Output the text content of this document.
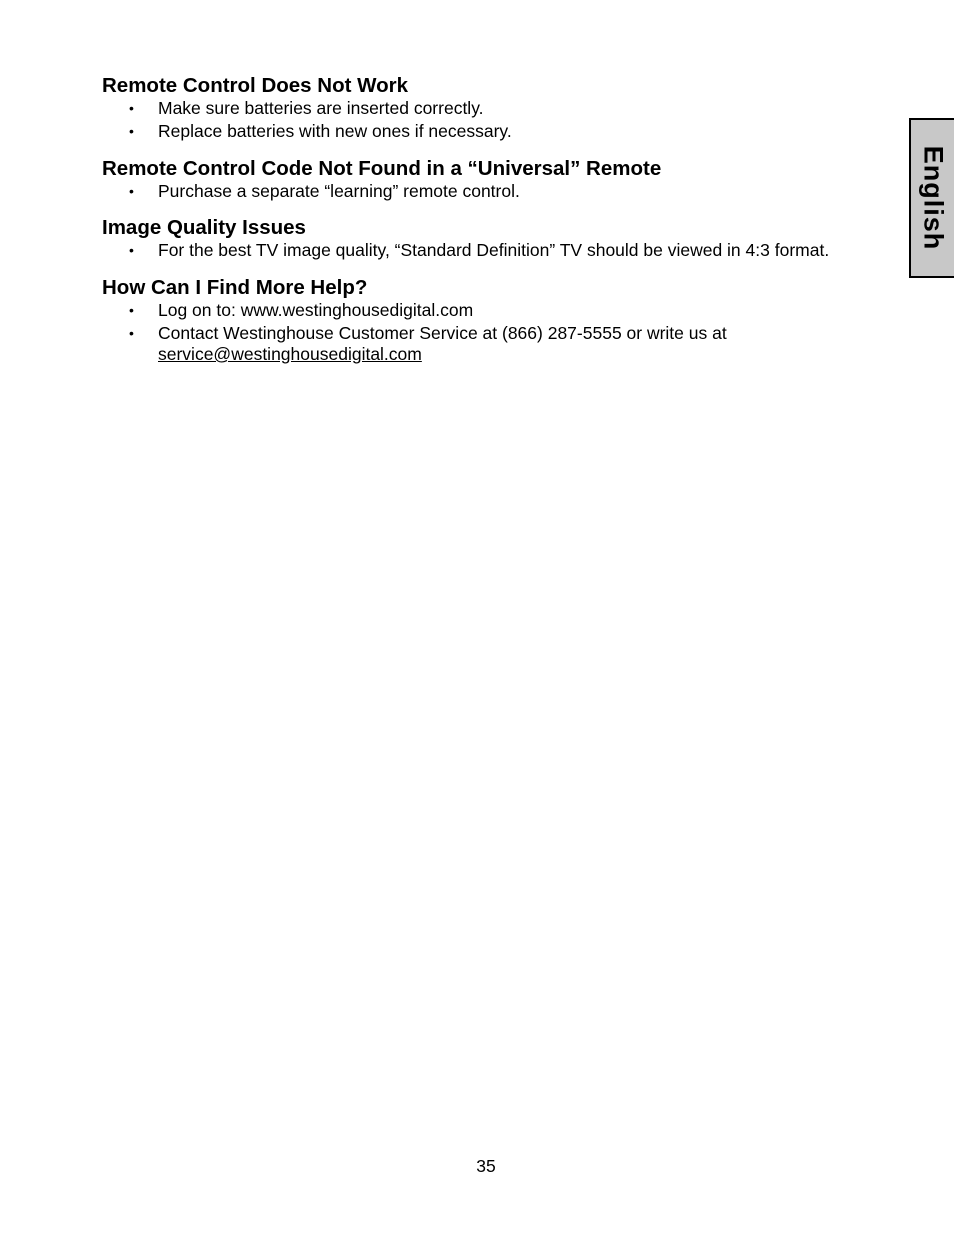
Remote Control Does Not Work
• Make sure batteries are inserted correctly.
• Replace batteries with new ones if necessary.
Remote Control Code Not Found in a “Universal” Remote
• Purchase a separate “learning” remote control.
Image Quality Issues
• For the best TV image quality, “Standard Definition” TV should be viewed in 4:3 format.
How Can I Find More Help?
• Log on to: www.westinghousedigital.com
• Contact Westinghouse Customer Service at (866) 287-5555 or write us at
service@westinghousedigital.com
English
35
